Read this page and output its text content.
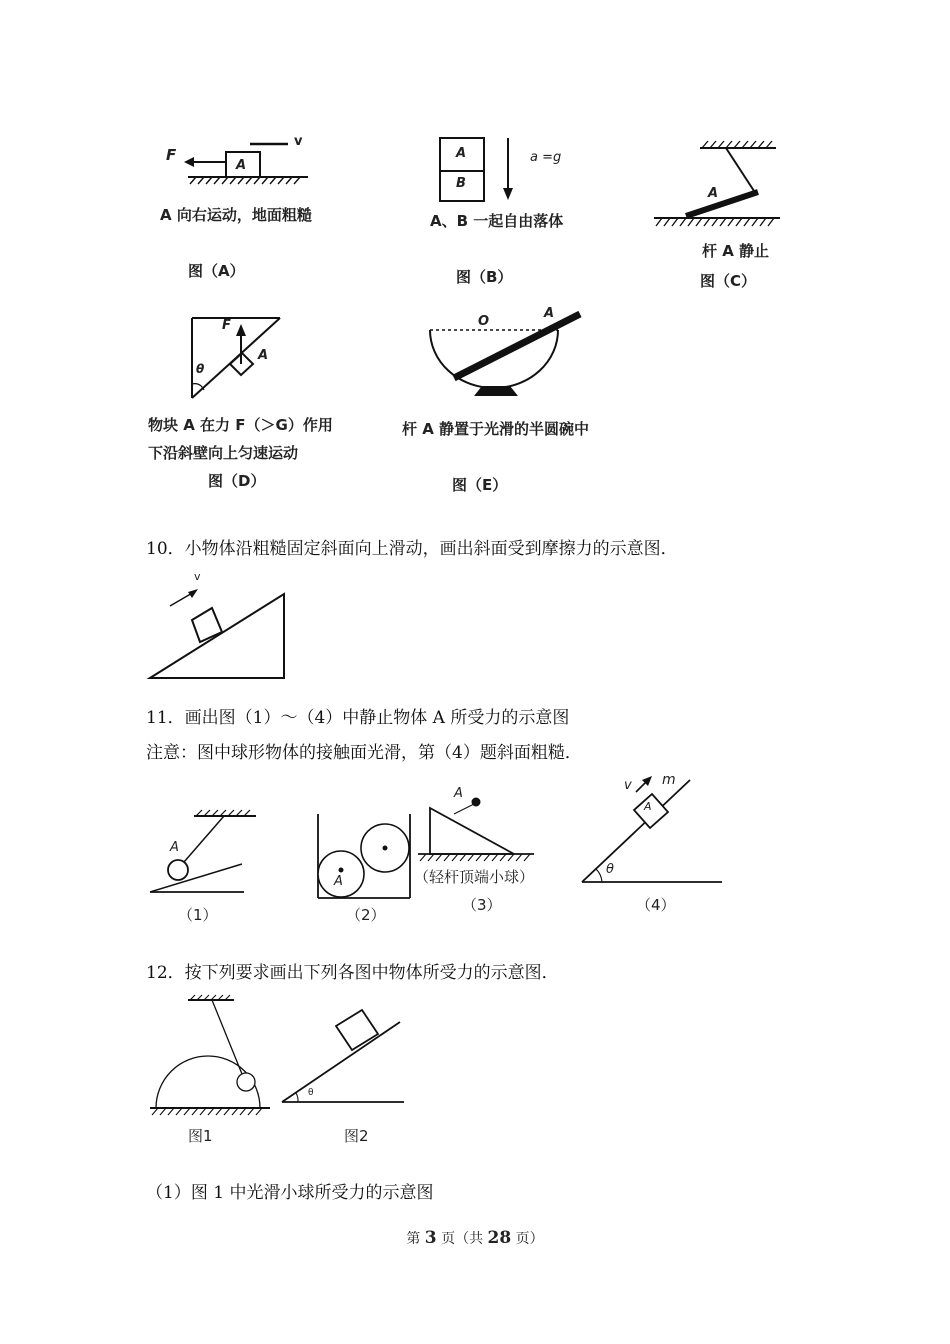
F
A
v
A 向右运动，地面粗糙
图（A）
A
B
a =g
A、B 一起自由落体
图（B）
A
杆 A 静止
图（C）
F
A
θ
物块 A 在力 F（＞G）作用
下沿斜壁向上匀速运动
图（D）
O
A
杆 A 静置于光滑的半圆碗中
图（E）
10．小物体沿粗糙固定斜面向上滑动，画出斜面受到摩擦力的示意图．
v
11．画出图（1）～（4）中静止物体 A 所受力的示意图
注意：图中球形物体的接触面光滑，第（4）题斜面粗糙．
A
（1）
A
（2）
A
（轻杆顶端小球）
（3）
v m
A
θ
（4）
12．按下列要求画出下列各图中物体所受力的示意图．
图1
θ
图2
（1）图 1 中光滑小球所受力的示意图
第 3 页（共 28 页）
